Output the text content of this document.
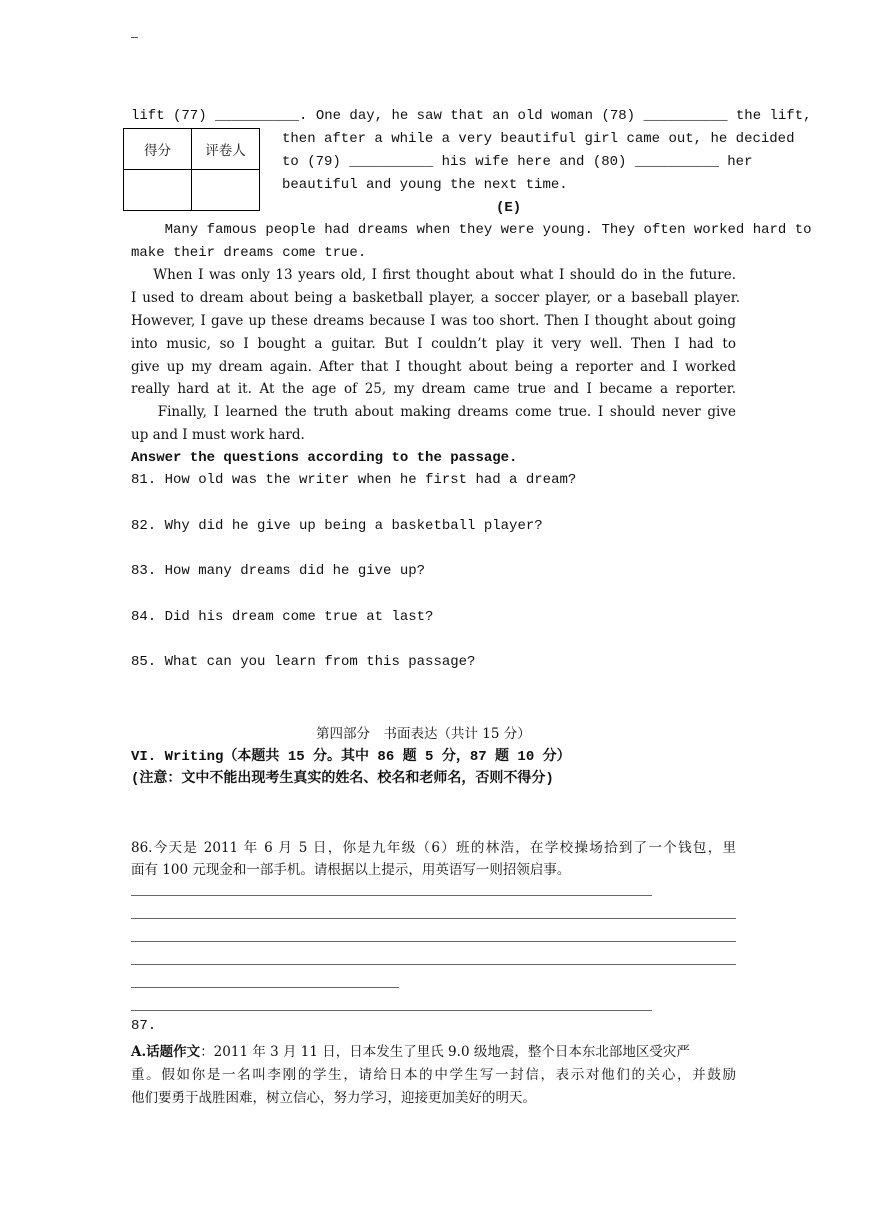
lift (77) __________. One day, he saw that an old woman (78) __________ the lift,
得分	评卷人

then after a while a very beautiful girl came out, he decided
to (79) __________ his wife here and (80) __________ her
beautiful and young the next time.
(E)
Many famous people had dreams when they were young. They often worked hard to
make their dreams come true.
When I was only 13 years old, I first thought about what I should do in the future.
I used to dream about being a basketball player, a soccer player, or a baseball player.
However, I gave up these dreams because I was too short. Then I thought about going
into music, so I bought a guitar. But I couldn’t play it very well. Then I had to
give up my dream again. After that I thought about being a reporter and I worked
really hard at it. At the age of 25, my dream came true and I became a reporter.
Finally, I learned the truth about making dreams come true. I should never give
up and I must work hard.
Answer the questions according to the passage.
81. How old was the writer when he first had a dream?
82. Why did he give up being a basketball player?
83. How many dreams did he give up?
84. Did his dream come true at last?
85. What can you learn from this passage?
第四部分　书面表达（共计 15 分）
VI. Writing（本题共 15 分。其中 86 题 5 分，87 题 10 分）
(注意：文中不能出现考生真实的姓名、校名和老师名，否则不得分)
86.今天是 2011 年 6 月 5 日，你是九年级（6）班的林浩，在学校操场拾到了一个钱包，里
面有 100 元现金和一部手机。请根据以上提示，用英语写一则招领启事。
87.
A.话题作文：2011 年 3 月 11 日，日本发生了里氏 9.0 级地震，整个日本东北部地区受灾严
重。假如你是一名叫李刚的学生，请给日本的中学生写一封信，表示对他们的关心，并鼓励
他们要勇于战胜困难，树立信心，努力学习，迎接更加美好的明天。
